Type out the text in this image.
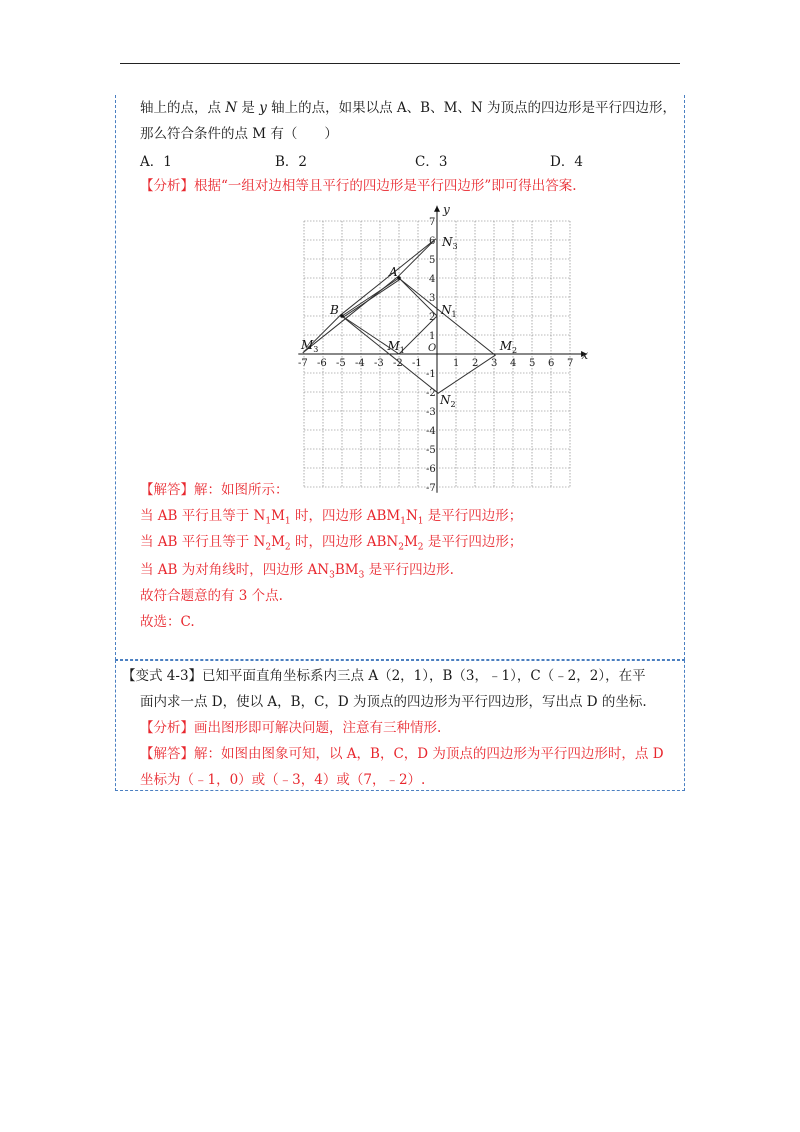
轴上的点，点 N 是 y 轴上的点，如果以点 A、B、M、N 为顶点的四边形是平行四边形，
那么符合条件的点 M 有（　　）
A．1	B．2	C．3	D．4
【分析】根据“一组对边相等且平行的四边形是平行四边形”即可得出答案.
-7 -6 -5 -4 -3 -2 -1	1 2 3 4 5 6 7
7
6
5
4
3
2
1
-1
-2
-3
-4
-5
-6
-7
x
y
O
A
B
$M_1$
$N_1$
$M_2$
$N_2$
$M_3$
$N_3$
【解答】解：如图所示：
当 AB 平行且等于 $N_1M_1$ 时，四边形 $ABM_1N_1$ 是平行四边形；
当 AB 平行且等于 $N_2M_2$ 时，四边形 $ABN_2M_2$ 是平行四边形；
当 AB 为对角线时，四边形 $AN_3BM_3$ 是平行四边形.
故符合题意的有 3 个点.
故选：C.
【变式 4-3】已知平面直角坐标系内三点 A（2，1），B（3，﹣1），C（﹣2，2），在平
面内求一点 D，使以 A，B，C，D 为顶点的四边形为平行四边形，写出点 D 的坐标.
【分析】画出图形即可解决问题，注意有三种情形.
【解答】解：如图由图象可知，以 A，B，C，D 为顶点的四边形为平行四边形时，点 D
坐标为（﹣1，0）或（﹣3，4）或（7，﹣2）.
